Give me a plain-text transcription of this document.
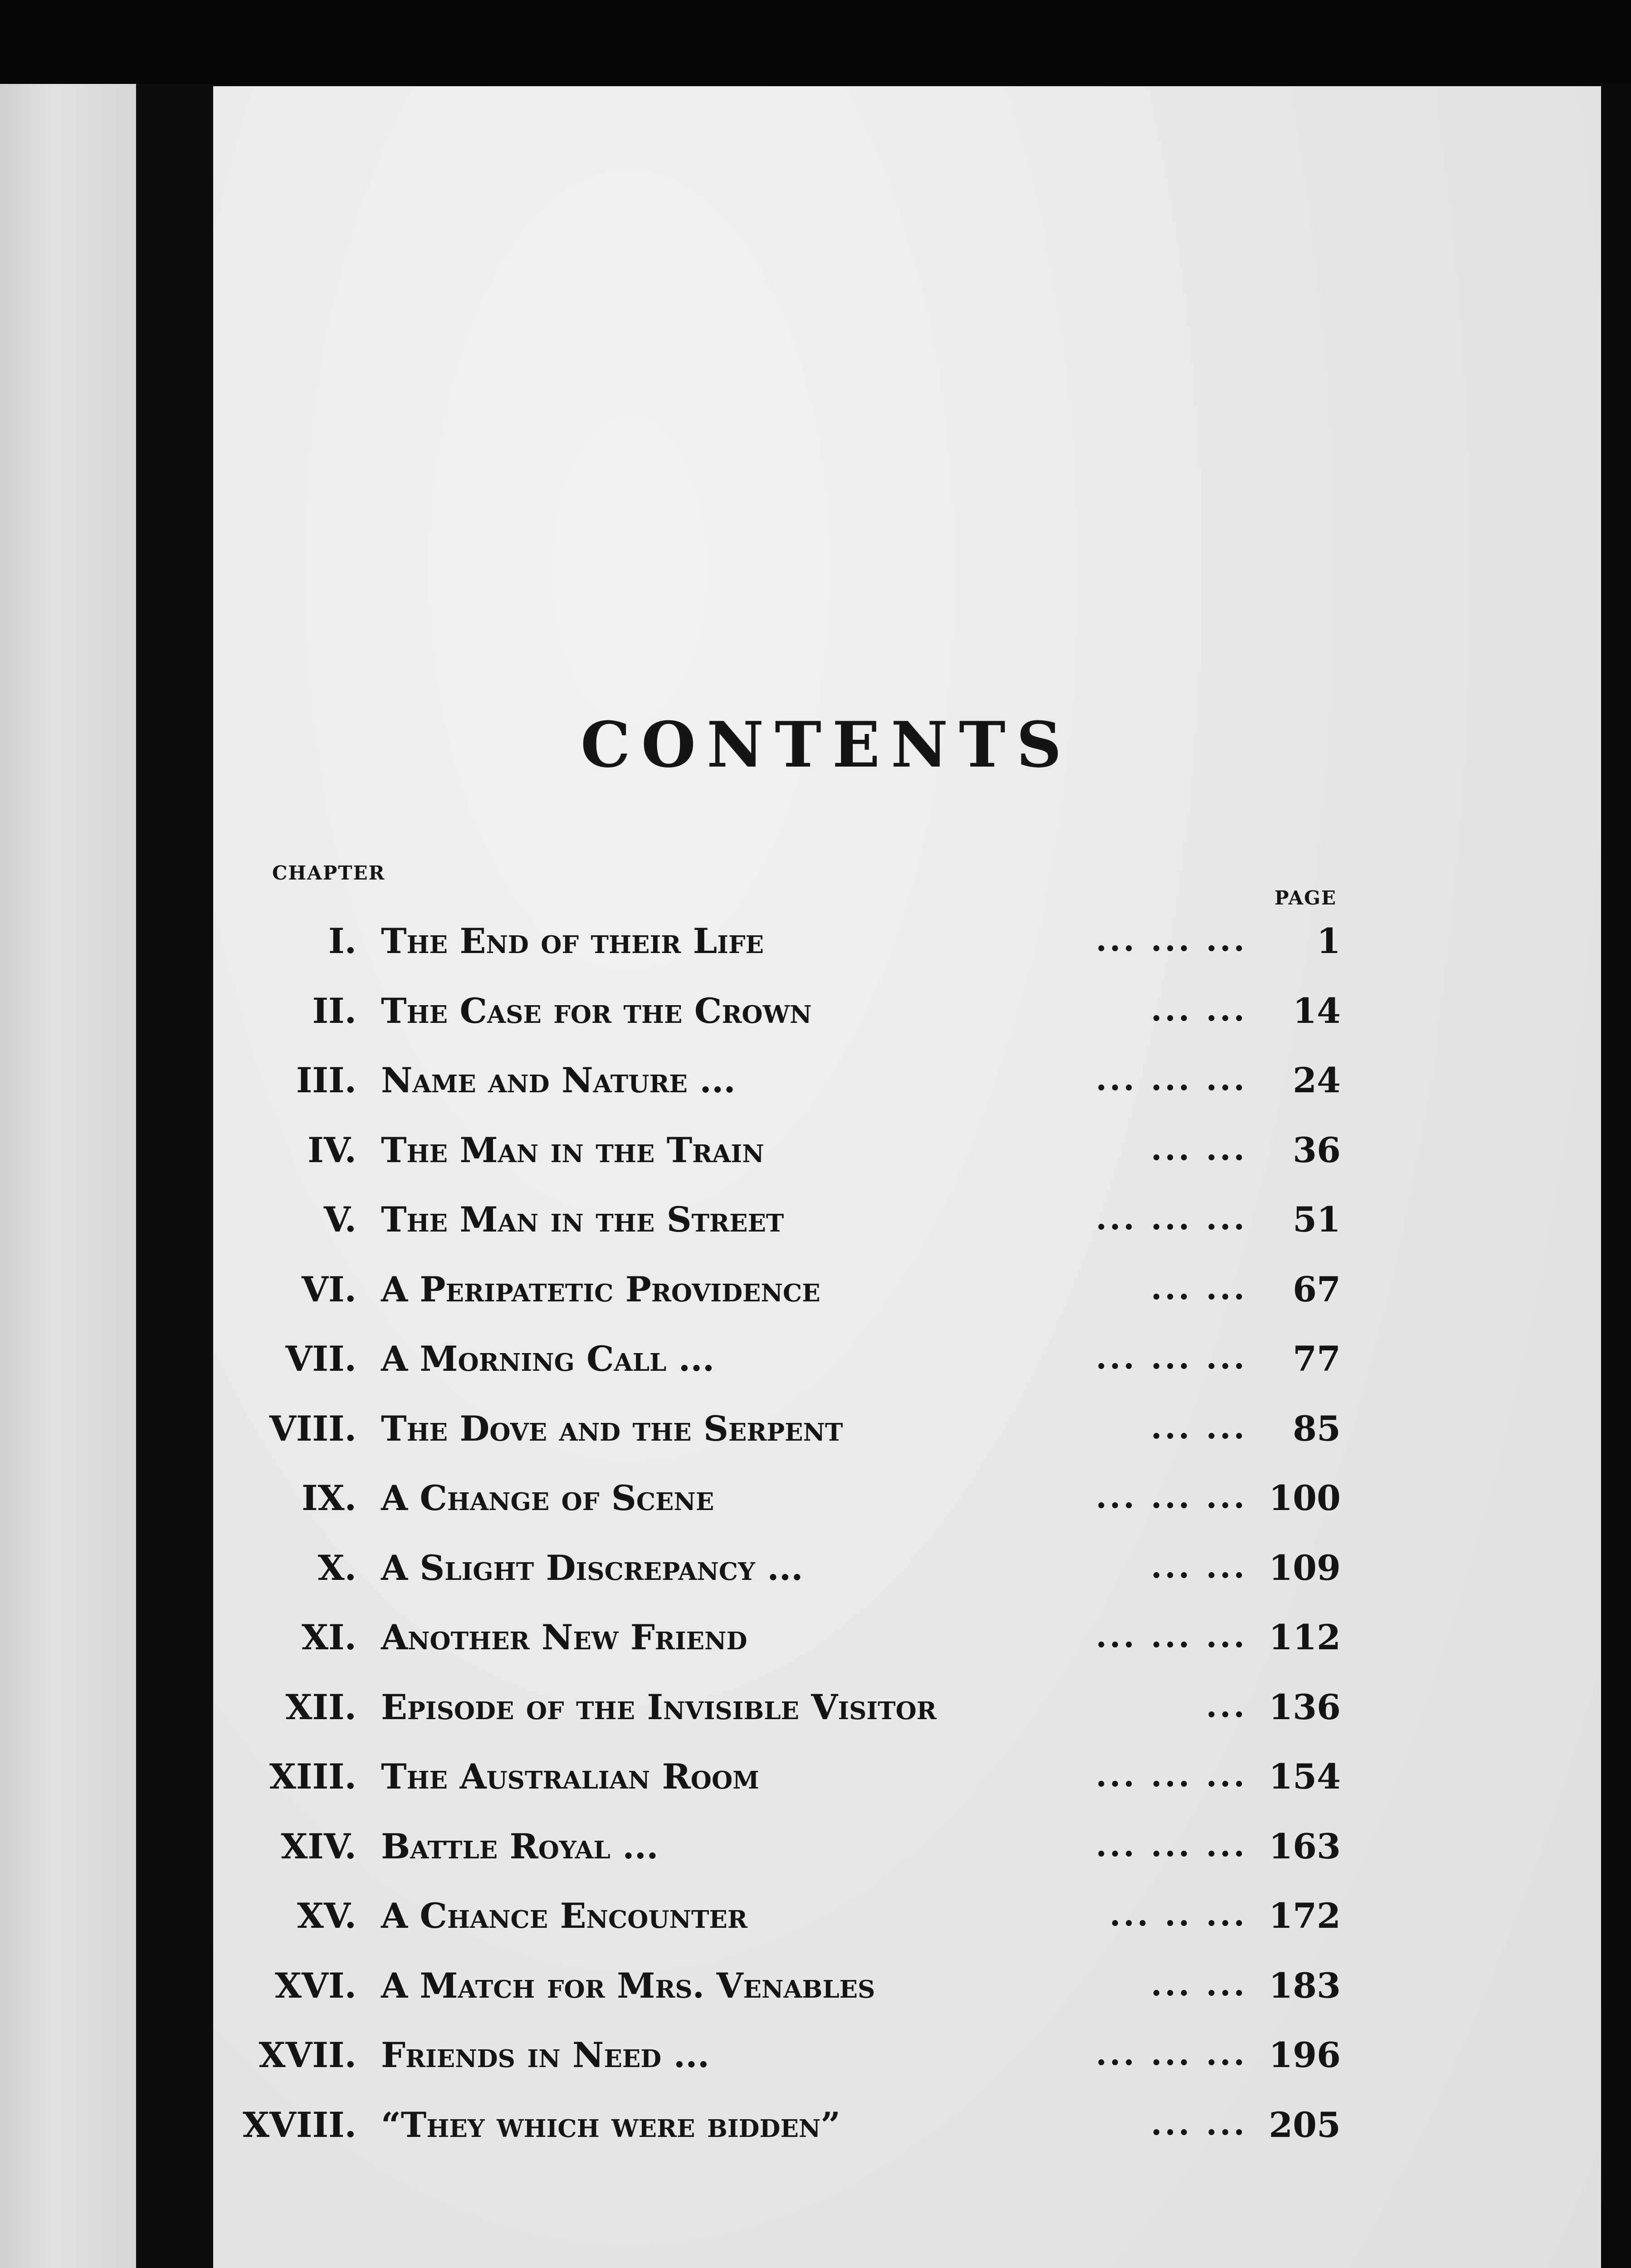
CONTENTS
CHAPTER
PAGE
I. The End of their Life	... ... ... 1
II. The Case for the Crown	... ... 14
III. Name and Nature ...	... ... ... 24
IV. The Man in the Train	... ... 36
V. The Man in the Street	... ... ... 51
VI. A Peripatetic Providence	... ... 67
VII. A Morning Call ...	... ... ... 77
VIII. The Dove and the Serpent	... ... 85
IX. A Change of Scene	... ... ... 100
X. A Slight Discrepancy ...	... ... 109
XI. Another New Friend	... ... ... 112
XII. Episode of the Invisible Visitor	... 136
XIII. The Australian Room	... ... ... 154
XIV. Battle Royal ...	... ... ... 163
XV. A Chance Encounter	... .. ... 172
XVI. A Match for Mrs. Venables	... ... 183
XVII. Friends in Need ...	... ... ... 196
XVIII. “They which were bidden”	... ... 205
